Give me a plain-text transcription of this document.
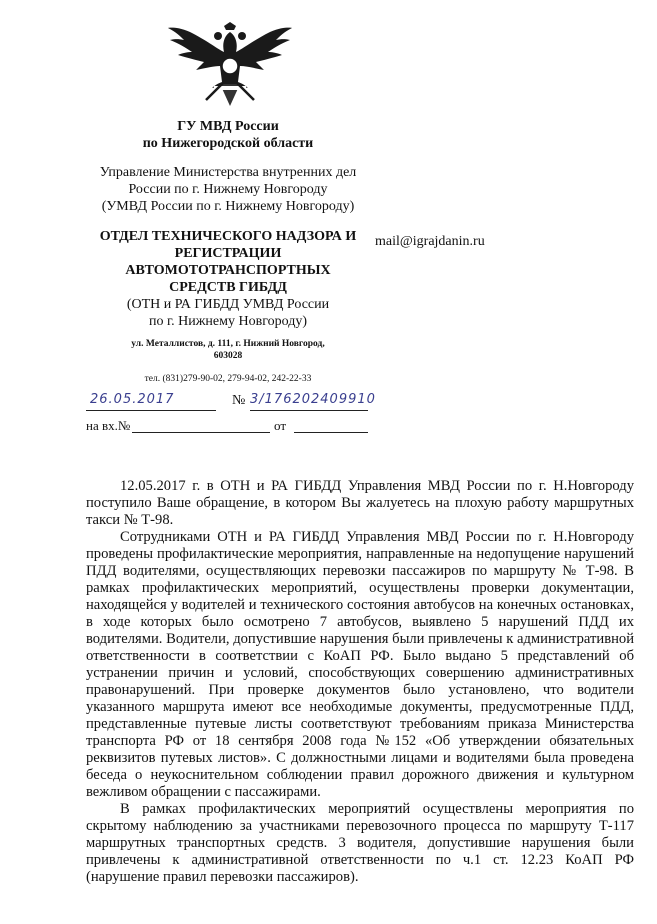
ГУ МВД России
по Нижегородской области
Управление Министерства внутренних дел
России по г. Нижнему Новгороду
(УМВД России по г. Нижнему Новгороду)
ОТДЕЛ ТЕХНИЧЕСКОГО НАДЗОРА И
РЕГИСТРАЦИИ
АВТОМОТОТРАНСПОРТНЫХ
СРЕДСТВ ГИБДД
(ОТН и РА ГИБДД УМВД России
по г. Нижнему Новгороду)
ул. Металлистов, д. 111, г. Нижний Новгород,
603028
тел. (831)279-90-02, 279-94-02, 242-22-33
mail@igrajdanin.ru
26.05.2017	№ 3/176202409910
на вх.№	от

12.05.2017 г. в ОТН и РА ГИБДД Управления МВД России по г. Н.Новгороду поступило Ваше обращение, в котором Вы жалуетесь на плохую работу маршрутных такси № Т-98.

Сотрудниками ОТН и РА ГИБДД Управления МВД России по г. Н.Новгороду проведены профилактические мероприятия, направленные на недопущение нарушений ПДД водителями, осуществляющих перевозки пассажиров по маршруту № Т-98. В рамках профилактических мероприятий, осуществлены проверки документации, находящейся у водителей и технического состояния автобусов на конечных остановках, в ходе которых было осмотрено 7 автобусов, выявлено 5 нарушений ПДД их водителями. Водители, допустившие нарушения были привлечены к административной ответственности в соответствии с КоАП РФ. Было выдано 5 представлений об устранении причин и условий, способствующих совершению административных правонарушений. При проверке документов было установлено, что водители указанного маршрута имеют все необходимые документы, предусмотренные ПДД, представленные путевые листы соответствуют требованиям приказа Министерства транспорта РФ от 18 сентября 2008 года №152 «Об утверждении обязательных реквизитов путевых листов». С должностными лицами и водителями была проведена беседа о неукоснительном соблюдении правил дорожного движения и культурном вежливом обращении с пассажирами.

В рамках профилактических мероприятий осуществлены мероприятия по скрытому наблюдению за участниками перевозочного процесса по маршруту Т-117 маршрутных транспортных средств. 3 водителя, допустившие нарушения были привлечены к административной ответственности по ч.1 ст. 12.23 КоАП РФ (нарушение правил перевозки пассажиров).
